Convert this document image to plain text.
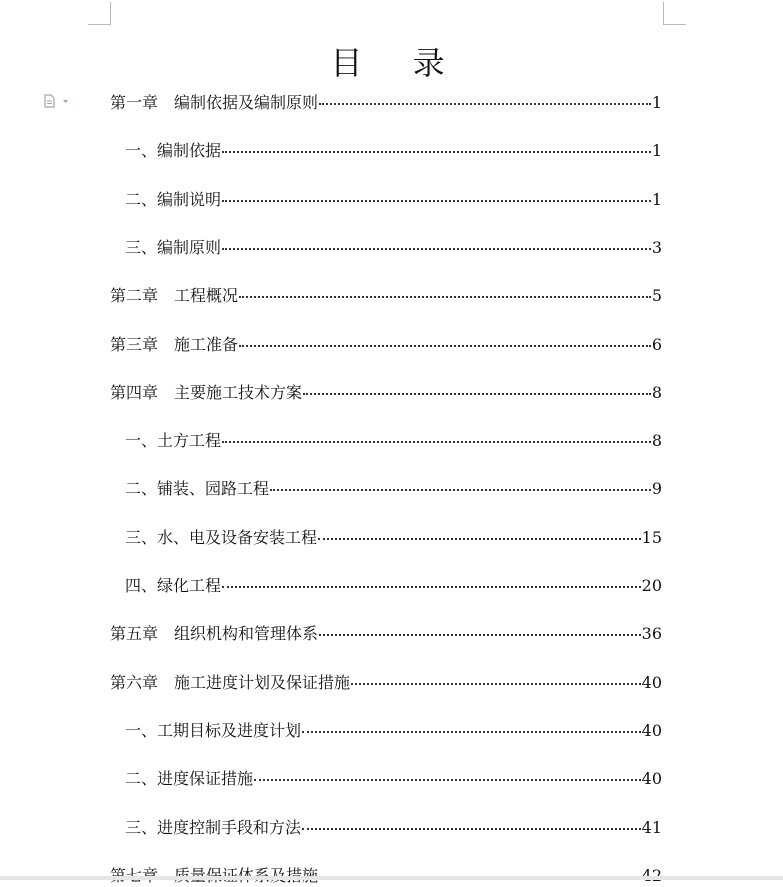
目 录
第一章　编制依据及编制原则	1
一、编制依据	1
二、编制说明	1
三、编制原则	3
第二章　工程概况	5
第三章　施工准备	6
第四章　主要施工技术方案	8
一、土方工程	8
二、铺装、园路工程	9
三、水、电及设备安装工程	15
四、绿化工程	20
第五章　组织机构和管理体系	36
第六章　施工进度计划及保证措施	40
一、工期目标及进度计划	40
二、进度保证措施	40
三、进度控制手段和方法	41
